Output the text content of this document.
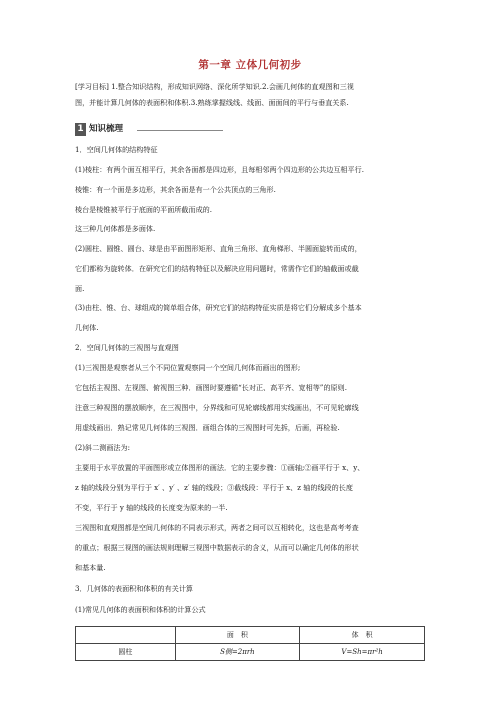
第一章 立体几何初步
[学习目标] 1.整合知识结构，形成知识网络、深化所学知识.2.会画几何体的直观图和三视
图，并能计算几何体的表面积和体积.3.熟练掌握线线、线面、面面间的平行与垂直关系.
1 知识梳理
1．空间几何体的结构特征
(1)棱柱：有两个面互相平行，其余各面都是四边形，且每相邻两个四边形的公共边互相平行.
棱锥：有一个面是多边形，其余各面是有一个公共顶点的三角形.
棱台是棱锥被平行于底面的平面所截而成的.
这三种几何体都是多面体.
(2)圆柱、圆锥、圆台、球是由平面图形矩形、直角三角形、直角梯形、半圆面旋转而成的，
它们都称为旋转体．在研究它们的结构特征以及解决应用问题时，常需作它们的轴截面或截
面.
(3)由柱、锥、台、球组成的简单组合体，研究它们的结构特征实质是将它们分解成多个基本
几何体.
2．空间几何体的三视图与直观图
(1)三视图是观察者从三个不同位置观察同一个空间几何体而画出的图形;
它包括主视图、左视图、俯视图三种．画图时要遵循“长对正、高平齐、宽相等”的原则.
注意三种视图的摆放顺序，在三视图中，分界线和可见轮廓线都用实线画出，不可见轮廓线
用虚线画出．熟记常见几何体的三视图．画组合体的三视图时可先拆，后画，再检验.
(2)斜二测画法为:
主要用于水平放置的平面图形或立体图形的画法．它的主要步骤：①画轴;②画平行于 x、y、
z 轴的线段分别为平行于 x′ 、y′ 、z′ 轴的线段；③截线段：平行于 x、z 轴的线段的长度
不变，平行于 y 轴的线段的长度变为原来的一半.
三视图和直观图都是空间几何体的不同表示形式，两者之间可以互相转化，这也是高考考查
的重点；根据三视图的画法规则理解三视图中数据表示的含义，从而可以确定几何体的形状
和基本量.
3．几何体的表面积和体积的有关计算
(1)常见几何体的表面积和体积的计算公式
	面　积	体　积
圆柱	S侧=2πrh	V=Sh=πr²h
